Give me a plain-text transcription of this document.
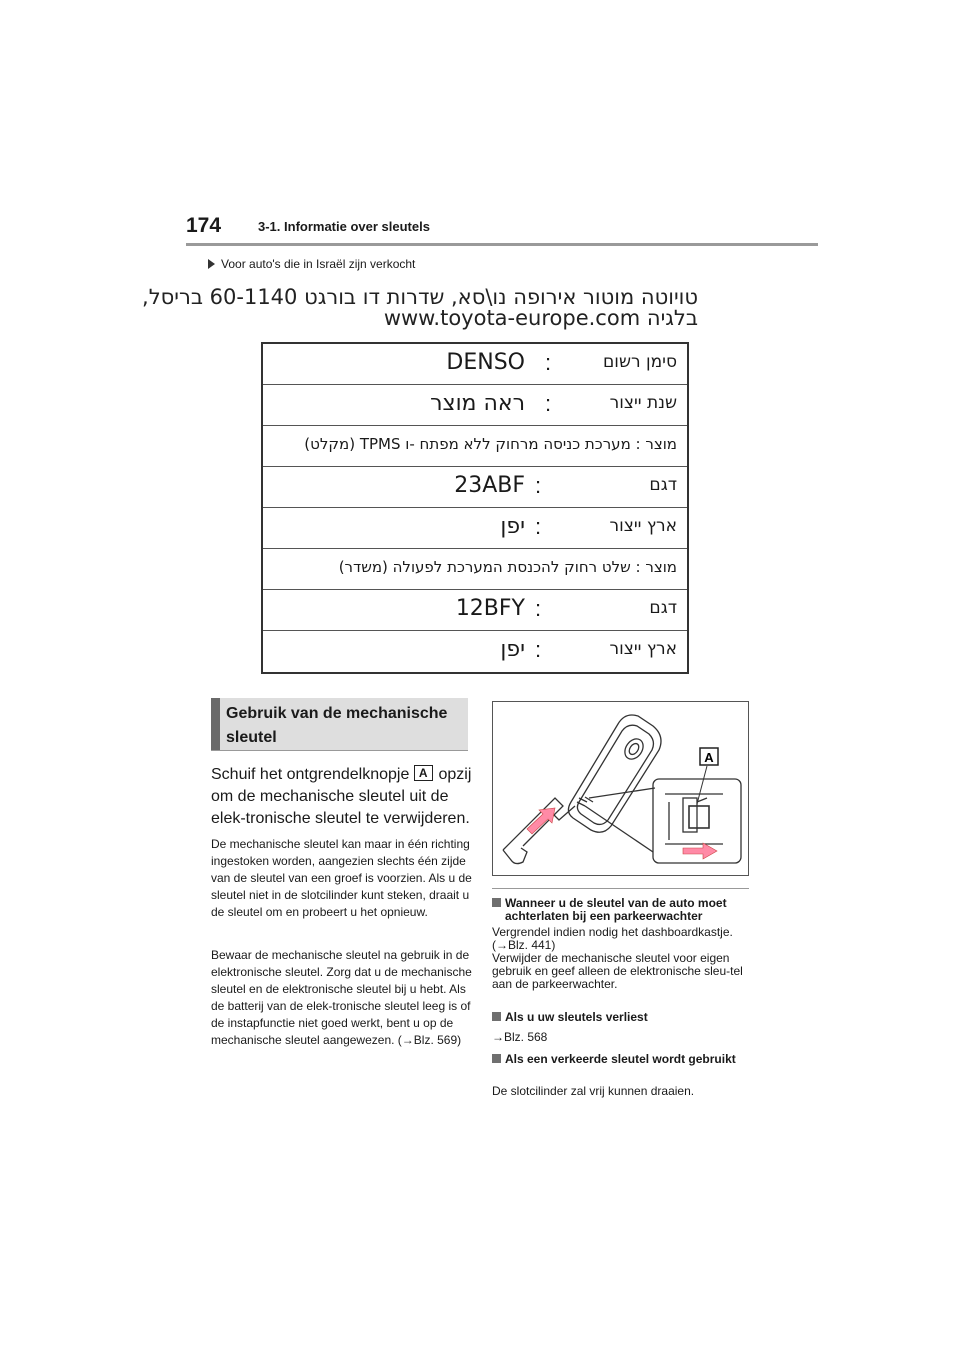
174	3-1. Informatie over sleutels
Voor auto's die in Israël zijn verkocht
טויוטה מוטור אירופה נו\סא, שדרות דו בורגט 60-1140 בריסל,
בלגיה www.toyota-europe.com
סימן רשום
:
DENSO
שנת ייצור
:
ראה מוצר
מוצר : מערכת כניסה מרחוק ללא מפתח -ו TPMS (מקלט)
דגם
:
23ABF
ארץ ייצור
:
יפן
מוצר : שלט רחוק להכנסת המערכת לפעולה (משדר)
דגם
:
12BFY
ארץ ייצור
:
יפן
Gebruik van de mechanische sleutel
Schuif het ontgrendelknopje A opzij om de mechanische sleutel uit de elek-tronische sleutel te verwijderen.
De mechanische sleutel kan maar in één richting ingestoken worden, aangezien slechts één zijde van de sleutel van een groef is voorzien. Als u de sleutel niet in de slotcilinder kunt steken, draait u de sleutel om en probeert u het opnieuw.
Bewaar de mechanische sleutel na gebruik in de elektronische sleutel. Zorg dat u de mechanische sleutel en de elektronische sleutel bij u hebt. Als de batterij van de elek-tronische sleutel leeg is of de instapfunctie niet goed werkt, bent u op de mechanische sleutel aangewezen. (→Blz. 569)
A
Wanneer u de sleutel van de auto moet achterlaten bij een parkeerwachter
Vergrendel indien nodig het dashboardkastje.
(→Blz. 441)
Verwijder de mechanische sleutel voor eigen gebruik en geef alleen de elektronische sleu-tel aan de parkeerwachter.
Als u uw sleutels verliest
→Blz. 568
Als een verkeerde sleutel wordt gebruikt
De slotcilinder zal vrij kunnen draaien.
